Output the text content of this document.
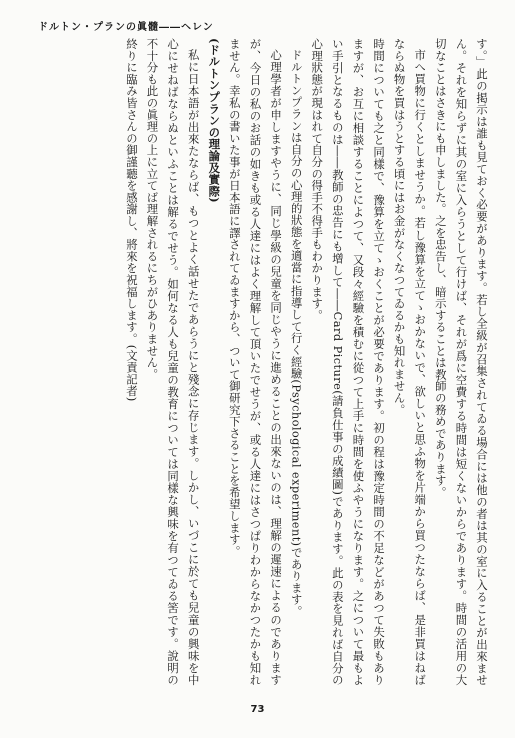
ドルトン・プランの眞髓――ヘレン

す。」此の掲示は誰も見ておく必要があります。若し全級が召集されてゐる場合には他の者は其の室に入ることが出來ません。それを知らずに其の室に入らうとして行けば、それが爲に空費する時間は短くないからであります。時間の活用の大切なことはさきにも申しました。之を忠告し、暗示することは教師の務めであります。

市へ買物に行くとしませうか。若し豫算を立てゝおかないで、欲しいと思ふ物を片端から買つたならば、是非買はねばならぬ物を買はうとする頃にはお金がなくなつてゐるかも知れません。

時間についても之と同樣で、豫算を立てゝおくことが必要であります。初の程は豫定時間の不足などがあつて失敗もありますが、お互に相談することによつて、又段々經驗を積むに從つて上手に時間を使ふやうになります。之について最もよい手引となるものは――教師の忠告にも增して――Card Picture(請負仕事の成績圖)であります。此の表を見れば自分の心理狀態が現はれて自分の得手不得手もわかります。

ドルトンプランは自分の心理的狀態を適當に指導して行く經驗(Psychological experiment)であります。

心理學者が申しますやうに、同じ學級の兒童を同じやうに進めることの出來ないのは、理解の遲速によるのでありますが、今日の私のお話の如きも或る人達にはよく理解して頂いたでせうが、或る人達にはさつぱりわからなかつたかも知れません。幸私の書いた事が日本語に譯されてゐますから、ついて御研究下さることを希望します。

(ドルトンプランの理論及實際)

私に日本語が出來たならば、もつとよく話せたであらうにと殘念に存じます。しかし、いづこに於ても兒童の興味を中心にせねばならぬといふことは解るでせう。如何なる人も兒童の教育については同樣な興味を有つてゐる筈です。說明の不十分も此の眞理の上に立てば理解されるにちがひありません。

終りに臨み皆さんの御謹聽を感謝し、將來を祝福します。(文責記者)

73
